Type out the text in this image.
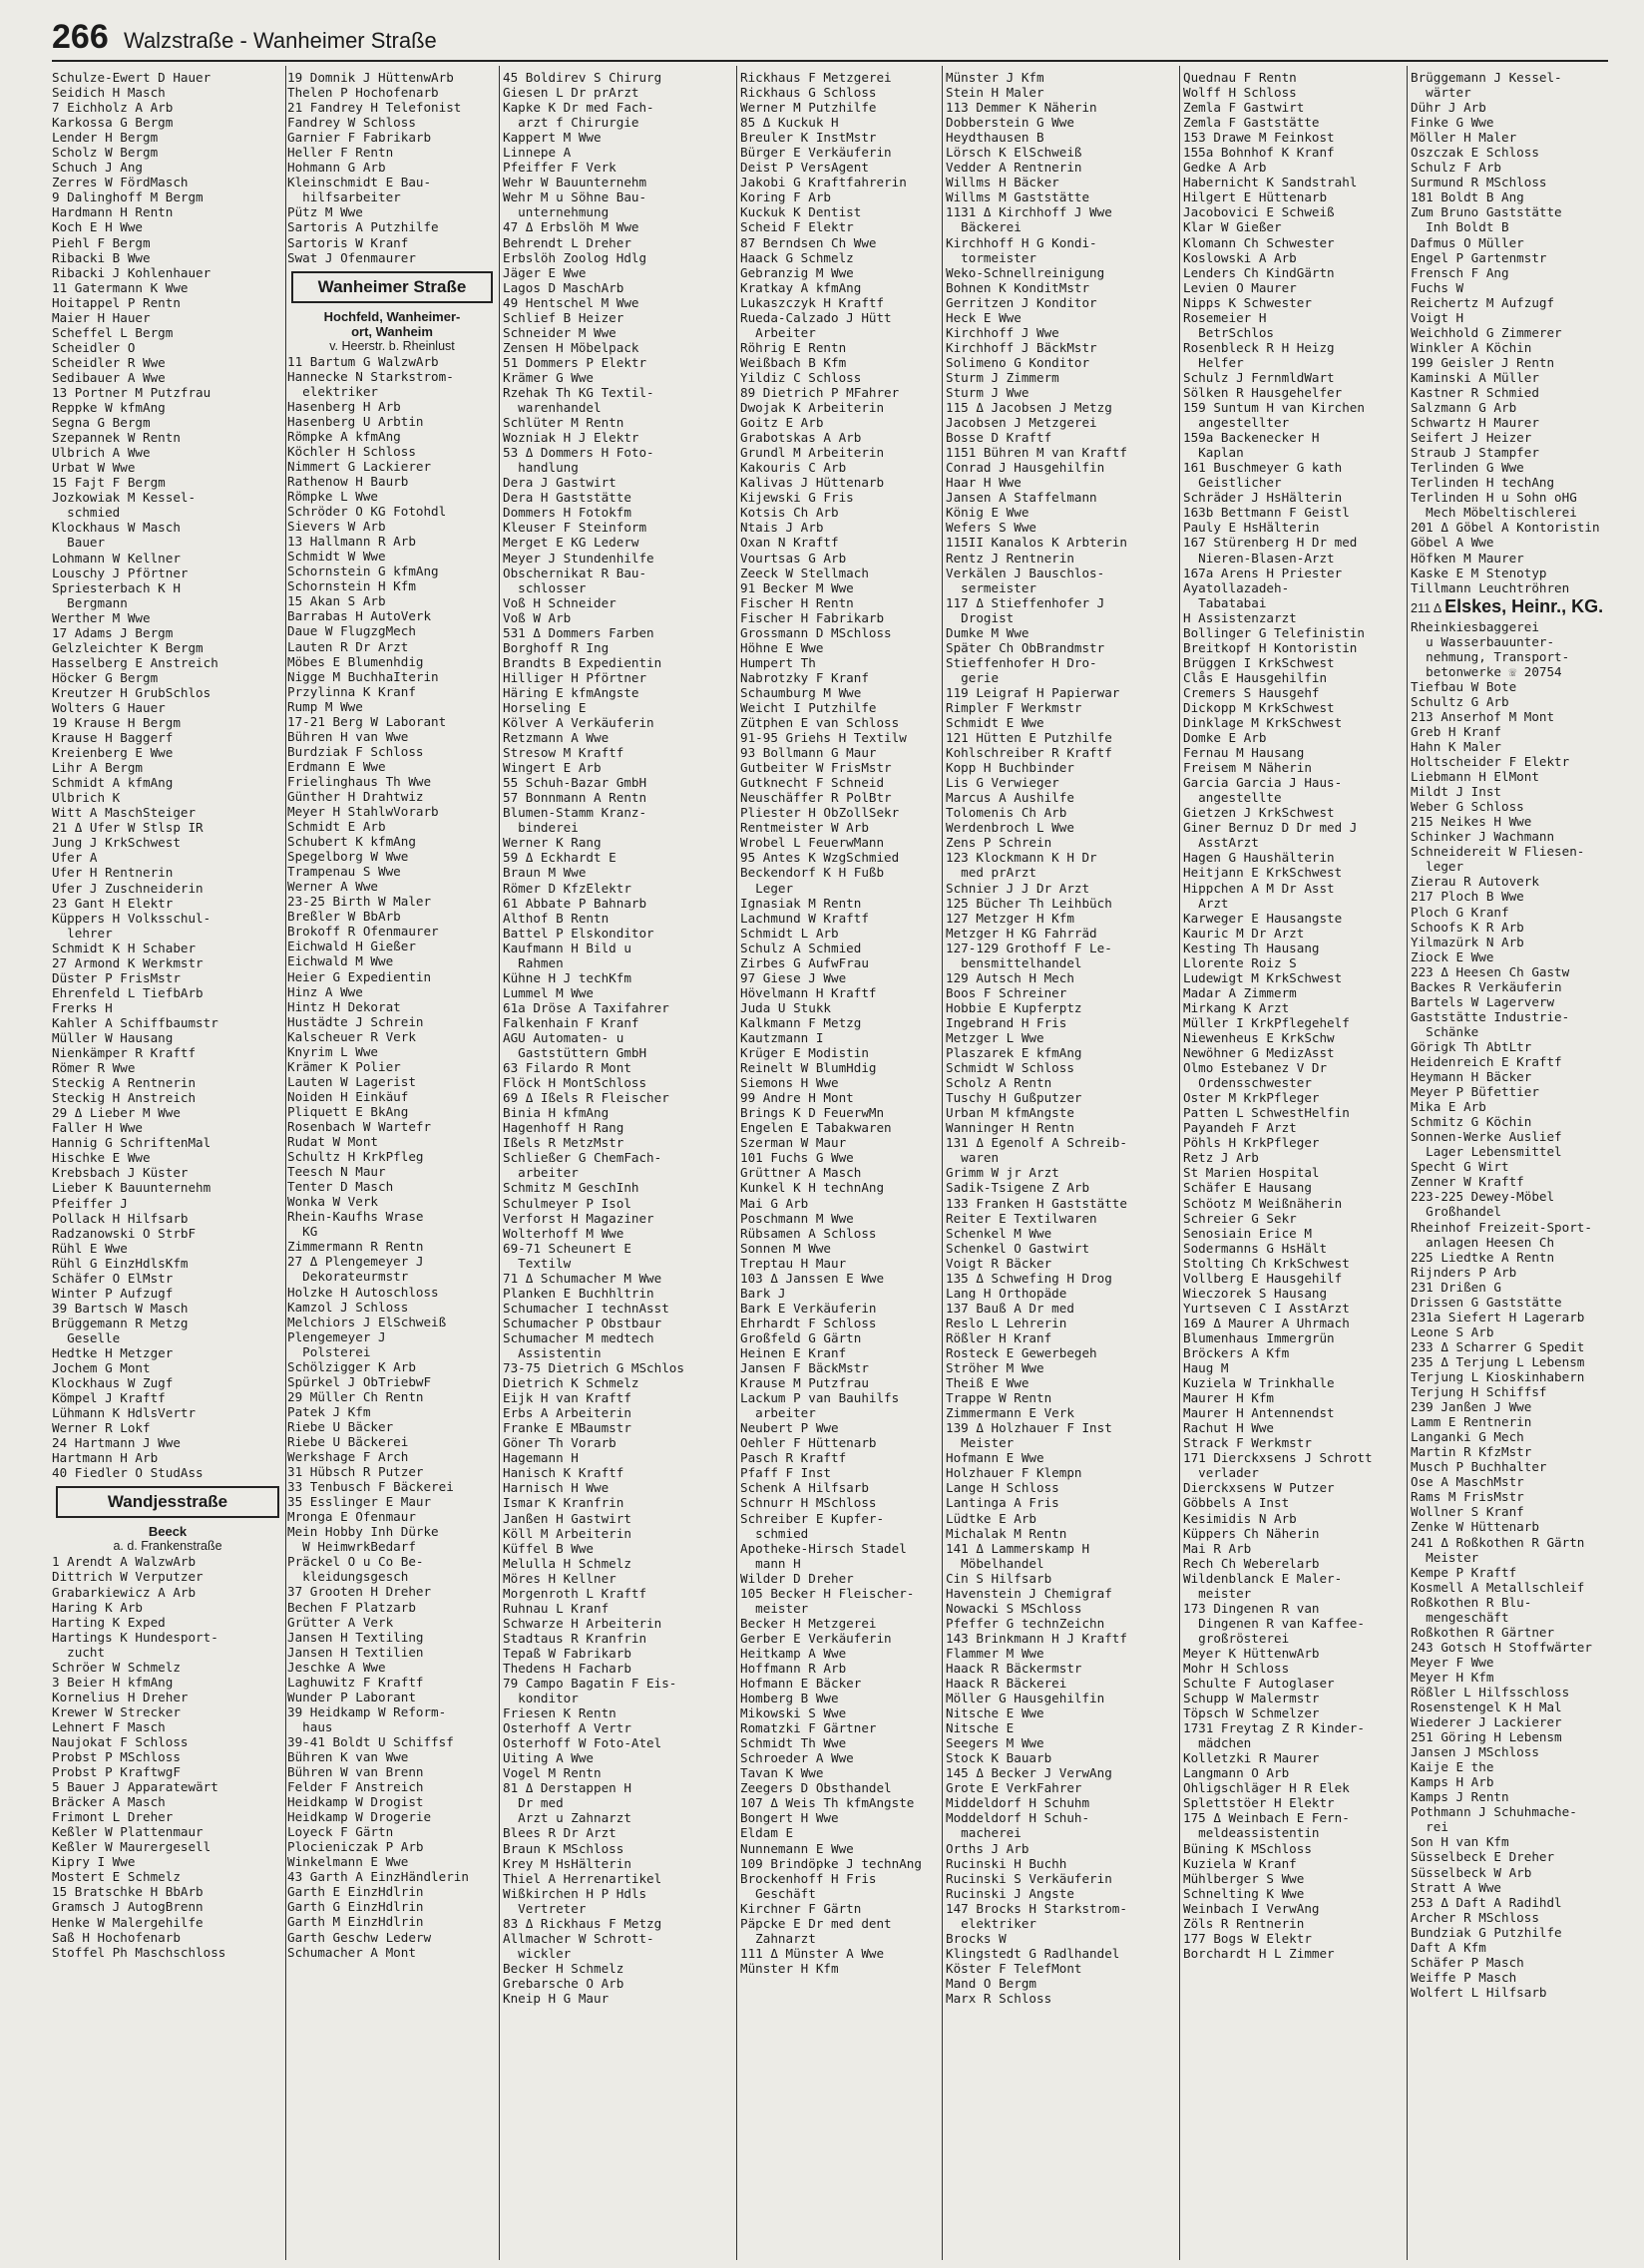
266 Walzstraße - Wanheimer Straße
Schulze-Ewert D Hauer
Seidich H Masch
7 Eichholz A Arb
Karkossa G Bergm
Lender H Bergm
Scholz W Bergm
Schuch J Ang
Zerres W FördMasch
9 Dalinghoff M Bergm
Hardmann H Rentn
Koch E H Wwe
Piehl F Bergm
Ribacki B Wwe
Ribacki J Kohlenhauer
11 Gatermann K Wwe
Hoitappel P Rentn
Maier H Hauer
Scheffel L Bergm
Scheidler O
Scheidler R Wwe
Sedibauer A Wwe
13 Portner M Putzfrau
Reppke W kfmAng
Segna G Bergm
Szepannek W Rentn
Ulbrich A Wwe
Urbat W Wwe
15 Fajt F Bergm
Jozkowiak M Kessel-
schmied
Klockhaus W Masch
Bauer
Lohmann W Kellner
Louschy J Pförtner
Spriesterbach K H
Bergmann
Werther M Wwe
17 Adams J Bergm
Gelzleichter K Bergm
Hasselberg E Anstreich
Höcker G Bergm
Kreutzer H GrubSchlos
Wolters G Hauer
19 Krause H Bergm
Krause H Baggerf
Kreienberg E Wwe
Lihr A Bergm
Schmidt A kfmAng
Ulbrich K
Witt A MaschSteiger
21 Δ Ufer W Stlsp IR
Jung J KrkSchwest
Ufer A
Ufer H Rentnerin
Ufer J Zuschneiderin
23 Gant H Elektr
Küppers H Volksschul-
lehrer
Schmidt K H Schaber
27 Armond K Werkmstr
Düster P FrisMstr
Ehrenfeld L TiefbArb
Frerks H
Kahler A Schiffbaumstr
Müller W Hausang
Nienkämper R Kraftf
Römer R Wwe
Steckig A Rentnerin
Steckig H Anstreich
29 Δ Lieber M Wwe
Faller H Wwe
Hannig G SchriftenMal
Hischke E Wwe
Krebsbach J Küster
Lieber K Bauunternehm
Pfeiffer J
Pollack H Hilfsarb
Radzanowski O StrbF
Rühl E Wwe
Rühl G EinzHdlsKfm
Schäfer O ElMstr
Winter P Aufzugf
39 Bartsch W Masch
Brüggemann R Metzg
Geselle
Hedtke H Metzger
Jochem G Mont
Klockhaus W Zugf
Kömpel J Kraftf
Lühmann K HdlsVertr
Werner R Lokf
24 Hartmann J Wwe
Hartmann H Arb
40 Fiedler O StudAss
Wandjesstraße
Beeck
a. d. Frankenstraße
1 Arendt A WalzwArb
Dittrich W Verputzer
Grabarkiewicz A Arb
Haring K Arb
Harting K Exped
Hartings K Hundesport-
zucht
Schröer W Schmelz
3 Beier H kfmAng
Kornelius H Dreher
Krewer W Strecker
Lehnert F Masch
Naujokat F Schloss
Probst P MSchloss
Probst P KraftwgF
5 Bauer J Apparatewärt
Bräcker A Masch
Frimont L Dreher
Keßler W Plattenmaur
Keßler W Maurergesell
Kipry I Wwe
Mostert E Schmelz
15 Bratschke H BbArb
Gramsch J AutogBrenn
Henke W Malergehilfe
Saß H Hochofenarb
Stoffel Ph Maschschloss
19 Domnik J HüttenwArb
Thelen P Hochofenarb
21 Fandrey H Telefonist
Fandrey W Schloss
Garnier F Fabrikarb
Heller F Rentn
Hohmann G Arb
Kleinschmidt E Bau-
hilfsarbeiter
Pütz M Wwe
Sartoris A Putzhilfe
Sartoris W Kranf
Swat J Ofenmaurer
Wanheimer Straße
Hochfeld, Wanheimer-
ort, Wanheim
v. Heerstr. b. Rheinlust
11 Bartum G WalzwArb
Hannecke N Starkstrom-
elektriker
Hasenberg H Arb
Hasenberg U Arbtin
Römpke A kfmAng
Köchler H Schloss
Nimmert G Lackierer
Rathenow H Baurb
Römpke L Wwe
Schröder O KG Fotohdl
Sievers W Arb
13 Hallmann R Arb
Schmidt W Wwe
Schornstein G kfmAng
Schornstein H Kfm
15 Akan S Arb
Barrabas H AutoVerk
Daue W FlugzgMech
Lauten R Dr Arzt
Möbes E Blumenhdig
Nigge M BuchhaIterin
Przylinna K Kranf
Rump M Wwe
17-21 Berg W Laborant
Bühren H van Wwe
Burdziak F Schloss
Erdmann E Wwe
Frielinghaus Th Wwe
Günther H Drahtwiz
Meyer H StahlwVorarb
Schmidt E Arb
Schubert K kfmAng
Spegelborg W Wwe
Trampenau S Wwe
Werner A Wwe
23-25 Birth W Maler
Breßler W BbArb
Brokoff R Ofenmaurer
Eichwald H Gießer
Eichwald M Wwe
Heier G Expedientin
Hinz A Wwe
Hintz H Dekorat
Hustädte J Schrein
Kalscheuer R Verk
Knyrim L Wwe
Krämer K Polier
Lauten W Lagerist
Noiden H Einkäuf
Pliquett E BkAng
Rosenbach W Wartefr
Rudat W Mont
Schultz H KrkPfleg
Teesch N Maur
Tenter D Masch
Wonka W Verk
Rhein-Kaufhs Wrase
KG
Zimmermann R Rentn
27 Δ Plengemeyer J
Dekorateurmstr
Holzke H Autoschloss
Kamzol J Schloss
Melchiors J ElSchweiß
Plengemeyer J
Polsterei
Schölzigger K Arb
Spürkel J ObTriebwF
29 Müller Ch Rentn
Patek J Kfm
Riebe U Bäcker
Riebe U Bäckerei
Werkshage F Arch
31 Hübsch R Putzer
33 Tenbusch F Bäckerei
35 Esslinger E Maur
Mronga E Ofenmaur
Mein Hobby Inh Dürke
W HeimwrkBedarf
Präckel O u Co Be-
kleidungsgesch
37 Grooten H Dreher
Bechen F Platzarb
Grütter A Verk
Jansen H Textiling
Jansen H Textilien
Jeschke A Wwe
Laghuwitz F Kraftf
Wunder P Laborant
39 Heidkamp W Reform-
haus
39-41 Boldt U Schiffsf
Bühren K van Wwe
Bühren W van Brenn
Felder F Anstreich
Heidkamp W Drogist
Heidkamp W Drogerie
Loyeck F Gärtn
Plocieniczak P Arb
Winkelmann E Wwe
43 Garth A EinzHändlerin
Garth E EinzHdlrin
Garth G EinzHdlrin
Garth M EinzHdlrin
Garth Geschw Lederw
Schumacher A Mont
45 Boldirev S Chirurg
Giesen L Dr prArzt
Kapke K Dr med Fach-
arzt f Chirurgie
Kappert M Wwe
Linnepe A
Pfeiffer F Verk
Wehr W Bauunternehm
Wehr M u Söhne Bau-
unternehmung
47 Δ Erbslöh M Wwe
Behrendt L Dreher
Erbslöh Zoolog Hdlg
Jäger E Wwe
Lagos D MaschArb
49 Hentschel M Wwe
Schlief B Heizer
Schneider M Wwe
Zensen H Möbelpack
51 Dommers P Elektr
Krämer G Wwe
Rzehak Th KG Textil-
warenhandel
Schlüter M Rentn
Wozniak H J Elektr
53 Δ Dommers H Foto-
handlung
Dera J Gastwirt
Dera H Gaststätte
Dommers H Fotokfm
Kleuser F Steinform
Merget E KG Lederw
Meyer J Stundenhilfe
Obschernikat R Bau-
schlosser
Voß H Schneider
Voß W Arb
531 Δ Dommers Farben
Borghoff R Ing
Brandts B Expedientin
Hilliger H Pförtner
Häring E kfmAngste
Horseling E
Kölver A Verkäuferin
Retzmann A Wwe
Stresow M Kraftf
Wingert E Arb
55 Schuh-Bazar GmbH
57 Bonnmann A Rentn
Blumen-Stamm Kranz-
binderei
Werner K Rang
59 Δ Eckhardt E
Braun M Wwe
Römer D KfzElektr
61 Abbate P Bahnarb
Althof B Rentn
Battel P Elskonditor
Kaufmann H Bild u
Rahmen
Kühne H J techKfm
Lummel M Wwe
61a Dröse A Taxifahrer
Falkenhain F Kranf
AGU Automaten- u
Gaststüttern GmbH
63 Filardo R Mont
Flöck H MontSchloss
69 Δ Ißels R Fleischer
Binia H kfmAng
Hagenhoff H Rang
Ißels R MetzMstr
Schließer G ChemFach-
arbeiter
Schmitz M GeschInh
Schulmeyer P Isol
Verforst H Magaziner
Wolterhoff M Wwe
69-71 Scheunert E
Textilw
71 Δ Schumacher M Wwe
Planken E Buchhltrin
Schumacher I technAsst
Schumacher P Obstbaur
Schumacher M medtech
Assistentin
73-75 Dietrich G MSchlos
Dietrich K Schmelz
Eijk H van Kraftf
Erbs A Arbeiterin
Franke E MBaumstr
Göner Th Vorarb
Hagemann H
Hanisch K Kraftf
Harnisch H Wwe
Ismar K Kranfrin
Janßen H Gastwirt
Köll M Arbeiterin
Küffel B Wwe
Melulla H Schmelz
Möres H Kellner
Morgenroth L Kraftf
Ruhnau L Kranf
Schwarze H Arbeiterin
Stadtaus R Kranfrin
Tepaß W Fabrikarb
Thedens H Facharb
79 Campo Bagatin F Eis-
konditor
Friesen K Rentn
Osterhoff A Vertr
Osterhoff W Foto-Atel
Uiting A Wwe
Vogel M Rentn
81 Δ Derstappen H
Dr med
Arzt u Zahnarzt
Blees R Dr Arzt
Braun K MSchloss
Krey M HsHälterin
Thiel A Herrenartikel
Wißkirchen H P Hdls
Vertreter
83 Δ Rickhaus F Metzg
Allmacher W Schrott-
wickler
Becker H Schmelz
Grebarsche O Arb
Kneip H G Maur
Rickhaus F Metzgerei
Rickhaus G Schloss
Werner M Putzhilfe
85 Δ Kuckuk H
Breuler K InstMstr
Bürger E Verkäuferin
Deist P VersAgent
Jakobi G Kraftfahrerin
Koring F Arb
Kuckuk K Dentist
Scheid F Elektr
87 Berndsen Ch Wwe
Haack G Schmelz
Gebranzig M Wwe
Kratkay A kfmAng
Lukaszczyk H Kraftf
Rueda-Calzado J Hütt
Arbeiter
Röhrig E Rentn
Weißbach B Kfm
Yildiz C Schloss
89 Dietrich P MFahrer
Dwojak K Arbeiterin
Goitz E Arb
Grabotskas A Arb
Grundl M Arbeiterin
Kakouris C Arb
Kalivas J Hüttenarb
Kijewski G Fris
Kotsis Ch Arb
Ntais J Arb
Oxan N Kraftf
Vourtsas G Arb
Zeeck W Stellmach
91 Becker M Wwe
Fischer H Rentn
Fischer H Fabrikarb
Grossmann D MSchloss
Höhne E Wwe
Humpert Th
Nabrotzky F Kranf
Schaumburg M Wwe
Weicht I Putzhilfe
Zütphen E van Schloss
91-95 Griehs H Textilw
93 Bollmann G Maur
Gutbeiter W FrisMstr
Gutknecht F Schneid
Neuschäffer R PolBtr
Pliester H ObZollSekr
Rentmeister W Arb
Wrobel L FeuerwMann
95 Antes K WzgSchmied
Beckendorf K H Fußb
Leger
Ignasiak M Rentn
Lachmund W Kraftf
Schmidt L Arb
Schulz A Schmied
Zirbes G AufwFrau
97 Giese J Wwe
Hövelmann H Kraftf
Juda U Stukk
Kalkmann F Metzg
Kautzmann I
Krüger E Modistin
Reinelt W BlumHdig
Siemons H Wwe
99 Andre H Mont
Brings K D FeuerwMn
Engelen E Tabakwaren
Szerman W Maur
101 Fuchs G Wwe
Grüttner A Masch
Kunkel K H technAng
Mai G Arb
Poschmann M Wwe
Rübsamen A Schloss
Sonnen M Wwe
Treptau H Maur
103 Δ Janssen E Wwe
Bark J
Bark E Verkäuferin
Ehrhardt F Schloss
Großfeld G Gärtn
Heinen E Kranf
Jansen F BäckMstr
Krause M Putzfrau
Lackum P van Bauhilfs
arbeiter
Neubert P Wwe
Oehler F Hüttenarb
Pasch R Kraftf
Pfaff F Inst
Schenk A Hilfsarb
Schnurr H MSchloss
Schreiber E Kupfer-
schmied
Apotheke-Hirsch Stadel
mann H
Wilder D Dreher
105 Becker H Fleischer-
meister
Becker H Metzgerei
Gerber E Verkäuferin
Heitkamp A Wwe
Hoffmann R Arb
Hofmann E Bäcker
Homberg B Wwe
Mikowski S Wwe
Romatzki F Gärtner
Schmidt Th Wwe
Schroeder A Wwe
Tavan K Wwe
Zeegers D Obsthandel
107 Δ Weis Th kfmAngste
Bongert H Wwe
Eldam E
Nunnemann E Wwe
109 Brindöpke J technAng
Brockenhoff H Fris
Geschäft
Kirchner F Gärtn
Päpcke E Dr med dent
Zahnarzt
111 Δ Münster A Wwe
Münster H Kfm
Münster J Kfm
Stein H Maler
113 Demmer K Näherin
Dobberstein G Wwe
Heydthausen B
Lörsch K ElSchweiß
Vedder A Rentnerin
Willms H Bäcker
Willms M Gaststätte
1131 Δ Kirchhoff J Wwe
Bäckerei
Kirchhoff H G Kondi-
tormeister
Weko-Schnellreinigung
Bohnen K KonditMstr
Gerritzen J Konditor
Heck E Wwe
Kirchhoff J Wwe
Kirchhoff J BäckMstr
Solimeno G Konditor
Sturm J Zimmerm
Sturm J Wwe
115 Δ Jacobsen J Metzg
Jacobsen J Metzgerei
Bosse D Kraftf
1151 Bühren M van Kraftf
Conrad J Hausgehilfin
Haar H Wwe
Jansen A Staffelmann
König E Wwe
Wefers S Wwe
115II Kanalos K Arbterin
Rentz J Rentnerin
Verkälen J Bauschlos-
sermeister
117 Δ Stieffenhofer J
Drogist
Dumke M Wwe
Später Ch ObBrandmstr
Stieffenhofer H Dro-
gerie
119 Leigraf H Papierwar
Rimpler F Werkmstr
Schmidt E Wwe
121 Hütten E Putzhilfe
Kohlschreiber R Kraftf
Kopp H Buchbinder
Lis G Verwieger
Marcus A Aushilfe
Tolomenis Ch Arb
Werdenbroch L Wwe
Zens P Schrein
123 Klockmann K H Dr
med prArzt
Schnier J J Dr Arzt
125 Bücher Th Leihbüch
127 Metzger H Kfm
Metzger H KG Fahrräd
127-129 Grothoff F Le-
bensmittelhandel
129 Autsch H Mech
Boos F Schreiner
Hobbie E Kupferptz
Ingebrand H Fris
Metzger L Wwe
Plaszarek E kfmAng
Schmidt W Schloss
Scholz A Rentn
Tuschy H Gußputzer
Urban M kfmAngste
Wanninger H Rentn
131 Δ Egenolf A Schreib-
waren
Grimm W jr Arzt
Sadik-Tsigene Z Arb
133 Franken H Gaststätte
Reiter E Textilwaren
Schenkel M Wwe
Schenkel O Gastwirt
Voigt R Bäcker
135 Δ Schwefing H Drog
Lang H Orthopäde
137 Bauß A Dr med
Reslo L Lehrerin
Rößler H Kranf
Rosteck E Gewerbegeh
Ströher M Wwe
Theiß E Wwe
Trappe W Rentn
Zimmermann E Verk
139 Δ Holzhauer F Inst
Meister
Hofmann E Wwe
Holzhauer F Klempn
Lange H Schloss
Lantinga A Fris
Lüdtke E Arb
Michalak M Rentn
141 Δ Lammerskamp H
Möbelhandel
Cin S Hilfsarb
Havenstein J Chemigraf
Nowacki S MSchloss
Pfeffer G technZeichn
143 Brinkmann H J Kraftf
Flammer M Wwe
Haack R Bäckermstr
Haack R Bäckerei
Möller G Hausgehilfin
Nitsche E Wwe
Nitsche E
Seegers M Wwe
Stock K Bauarb
145 Δ Becker J VerwAng
Grote E VerkFahrer
Middeldorf H Schuhm
Moddeldorf H Schuh-
macherei
Orths J Arb
Rucinski H Buchh
Rucinski S Verkäuferin
Rucinski J Angste
147 Brocks H Starkstrom-
elektriker
Brocks W
Klingstedt G Radlhandel
Köster F TelefMont
Mand O Bergm
Marx R Schloss
Quednau F Rentn
Wolff H Schloss
Zemla F Gastwirt
Zemla F Gaststätte
153 Drawe M Feinkost
155a Bohnhof K Kranf
Gedke A Arb
Habernicht K Sandstrahl
Hilgert E Hüttenarb
Jacobovici E Schweiß
Klar W Gießer
Klomann Ch Schwester
Koslowski A Arb
Lenders Ch KindGärtn
Levien O Maurer
Nipps K Schwester
Rosemeier H
BetrSchlos
Rosenbleck R H Heizg
Helfer
Schulz J FernmldWart
Sölken R Hausgehelfer
159 Suntum H van Kirchen
angestellter
159a Backenecker H
Kaplan
161 Buschmeyer G kath
Geistlicher
Schräder J HsHälterin
163b Bettmann F Geistl
Pauly E HsHälterin
167 Stürenberg H Dr med
Nieren-Blasen-Arzt
167a Arens H Priester
Ayatollazadeh-
Tabatabai
H Assistenzarzt
Bollinger G Telefinistin
Breitkopf H Kontoristin
Brüggen I KrkSchwest
Clås E Hausgehilfin
Cremers S Hausgehf
Dickopp M KrkSchwest
Dinklage M KrkSchwest
Domke E Arb
Fernau M Hausang
Freisem M Näherin
Garcia Garcia J Haus-
angestellte
Gietzen J KrkSchwest
Giner Bernuz D Dr med J
AsstArzt
Hagen G Haushälterin
Heitjann E KrkSchwest
Hippchen A M Dr Asst
Arzt
Karweger E Hausangste
Kauric M Dr Arzt
Kesting Th Hausang
Llorente Roiz S
Ludewigt M KrkSchwest
Madar A Zimmerm
Mirkang K Arzt
Müller I KrkPflegehelf
Niewenheus E KrkSchw
Newöhner G MedizAsst
Olmo Estebanez V Dr
Ordensschwester
Oster M KrkPfleger
Patten L SchwestHelfin
Payandeh F Arzt
Pöhls H KrkPfleger
Retz J Arb
St Marien Hospital
Schäfer E Hausang
Schöotz M Weißnäherin
Schreier G Sekr
Senosiain Erice M
Sodermanns G HsHält
Stolting Ch KrkSchwest
Vollberg E Hausgehilf
Wieczorek S Hausang
Yurtseven C I AsstArzt
169 Δ Maurer A Uhrmach
Blumenhaus Immergrün
Bröckers A Kfm
Haug M
Kuziela W Trinkhalle
Maurer H Kfm
Maurer H Antennendst
Rachut H Wwe
Strack F Werkmstr
171 Dierckxsens J Schrott
verlader
Dierckxsens W Putzer
Göbbels A Inst
Kesimidis N Arb
Küppers Ch Näherin
Mai R Arb
Rech Ch Weberelarb
Wildenblanck E Maler-
meister
173 Dingenen R van
Dingenen R van Kaffee-
großrösterei
Meyer K HüttenwArb
Mohr H Schloss
Schulte F Autoglaser
Schupp W Malermstr
Töpsch W Schmelzer
1731 Freytag Z R Kinder-
mädchen
Kolletzki R Maurer
Langmann O Arb
Ohligschläger H R Elek
Splettstöer H Elektr
175 Δ Weinbach E Fern-
meldeassistentin
Büning K MSchloss
Kuziela W Kranf
Mühlberger S Wwe
Schnelting K Wwe
Weinbach I VerwAng
Zöls R Rentnerin
177 Bogs W Elektr
Borchardt H L Zimmer
Brüggemann J Kessel-
wärter
Dühr J Arb
Finke G Wwe
Möller H Maler
Oszczak E Schloss
Schulz F Arb
Surmund R MSchloss
181 Boldt B Ang
Zum Bruno Gaststätte
Inh Boldt B
Dafmus O Müller
Engel P Gartenmstr
Frensch F Ang
Fuchs W
Reichertz M Aufzugf
Voigt H
Weichhold G Zimmerer
Winkler A Köchin
199 Geisler J Rentn
Kaminski A Müller
Kastner R Schmied
Salzmann G Arb
Schwartz H Maurer
Seifert J Heizer
Straub J Stampfer
Terlinden G Wwe
Terlinden H techAng
Terlinden H u Sohn oHG
Mech Möbeltischlerei
201 Δ Göbel A Kontoristin
Göbel A Wwe
Höfken M Maurer
Kaske E M Stenotyp
Tillmann Leuchtröhren
211 Δ Elskes, Heinr., KG.
Rheinkiesbaggerei
u Wasserbauunter-
nehmung, Transport-
betonwerke ☏ 20754
Tiefbau W Bote
Schultz G Arb
213 Anserhof M Mont
Greb H Kranf
Hahn K Maler
Holtscheider F Elektr
Liebmann H ElMont
Mildt J Inst
Weber G Schloss
215 Neikes H Wwe
Schinker J Wachmann
Schneidereit W Fliesen-
leger
Zierau R Autoverk
217 Ploch B Wwe
Ploch G Kranf
Schoofs K R Arb
Yilmazürk N Arb
Ziock E Wwe
223 Δ Heesen Ch Gastw
Backes R Verkäuferin
Bartels W Lagerverw
Gaststätte Industrie-
Schänke
Görigk Th AbtLtr
Heidenreich E Kraftf
Heymann H Bäcker
Meyer P Büfettier
Mika E Arb
Schmitz G Köchin
Sonnen-Werke Auslief
Lager Lebensmittel
Specht G Wirt
Zenner W Kraftf
223-225 Dewey-Möbel
Großhandel
Rheinhof Freizeit-Sport-
anlagen Heesen Ch
225 Liedtke A Rentn
Rijnders P Arb
231 Drißen G
Drissen G Gaststätte
231a Siefert H Lagerarb
Leone S Arb
233 Δ Scharrer G Spedit
235 Δ Terjung L Lebensm
Terjung L Kioskinhabern
Terjung H Schiffsf
239 Janßen J Wwe
Lamm E Rentnerin
Langanki G Mech
Martin R KfzMstr
Musch P Buchhalter
Ose A MaschMstr
Rams M FrisMstr
Wollner S Kranf
Zenke W Hüttenarb
241 Δ Roßkothen R Gärtn
Meister
Kempe P Kraftf
Kosmell A Metallschleif
Roßkothen R Blu-
mengeschäft
Roßkothen R Gärtner
243 Gotsch H Stoffwärter
Meyer F Wwe
Meyer H Kfm
Rößler L Hilfsschloss
Rosenstengel K H Mal
Wiederer J Lackierer
251 Göring H Lebensm
Jansen J MSchloss
Kaije E the
Kamps H Arb
Kamps J Rentn
Pothmann J Schuhmache-
rei
Son H van Kfm
Süsselbeck E Dreher
Süsselbeck W Arb
Stratt A Wwe
253 Δ Daft A Radihdl
Archer R MSchloss
Bundziak G Putzhilfe
Daft A Kfm
Schäfer P Masch
Weiffe P Masch
Wolfert L Hilfsarb
